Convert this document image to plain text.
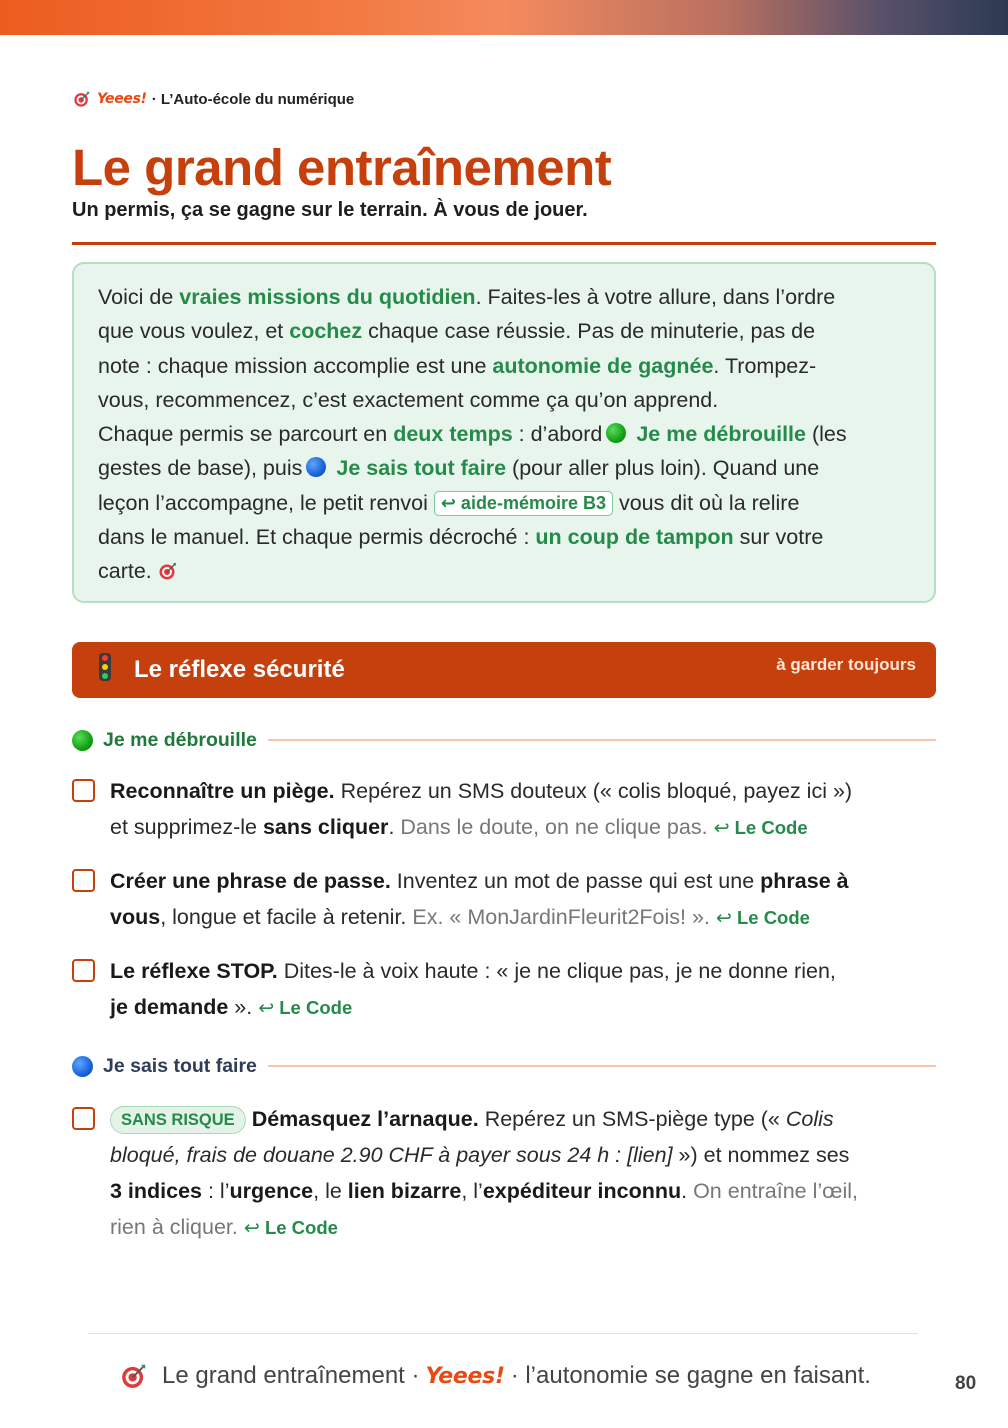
Yeees! · L’Auto-école du numérique
Le grand entraînement
Un permis, ça se gagne sur le terrain. À vous de jouer.

Voici de vraies missions du quotidien. Faites-les à votre allure, dans l’ordre

que vous voulez, et cochez chaque case réussie. Pas de minuterie, pas de

note : chaque mission accomplie est une autonomie de gagnée. Trompez-

vous, recommencez, c’est exactement comme ça qu’on apprend.

Chaque permis se parcourt en deux temps : d’abord Je me débrouille (les

gestes de base), puis Je sais tout faire (pour aller plus loin). Quand une

leçon l’accompagne, le petit renvoi ↩ aide-mémoire B3 vous dit où la relire

dans le manuel. Et chaque permis décroché : un coup de tampon sur votre

carte.

Le réflexe sécurité	à garder toujours
Je me débrouille

Reconnaître un piège. Repérez un SMS douteux (« colis bloqué, payez ici »)

et supprimez-le sans cliquer. Dans le doute, on ne clique pas. ↩ Le Code

Créer une phrase de passe. Inventez un mot de passe qui est une phrase à

vous, longue et facile à retenir. Ex. « MonJardinFleurit2Fois! ». ↩ Le Code

Le réflexe STOP. Dites-le à voix haute : « je ne clique pas, je ne donne rien,

je demande ». ↩ Le Code

Je sais tout faire

SANS RISQUE Démasquez l’arnaque. Repérez un SMS-piège type (« Colis

bloqué, frais de douane 2.90 CHF à payer sous 24 h : [lien] ») et nommez ses

3 indices : l’urgence, le lien bizarre, l’expéditeur inconnu. On entraîne l’œil,

rien à cliquer. ↩ Le Code

Le grand entraînement · Yeees! · l’autonomie se gagne en faisant.	80
